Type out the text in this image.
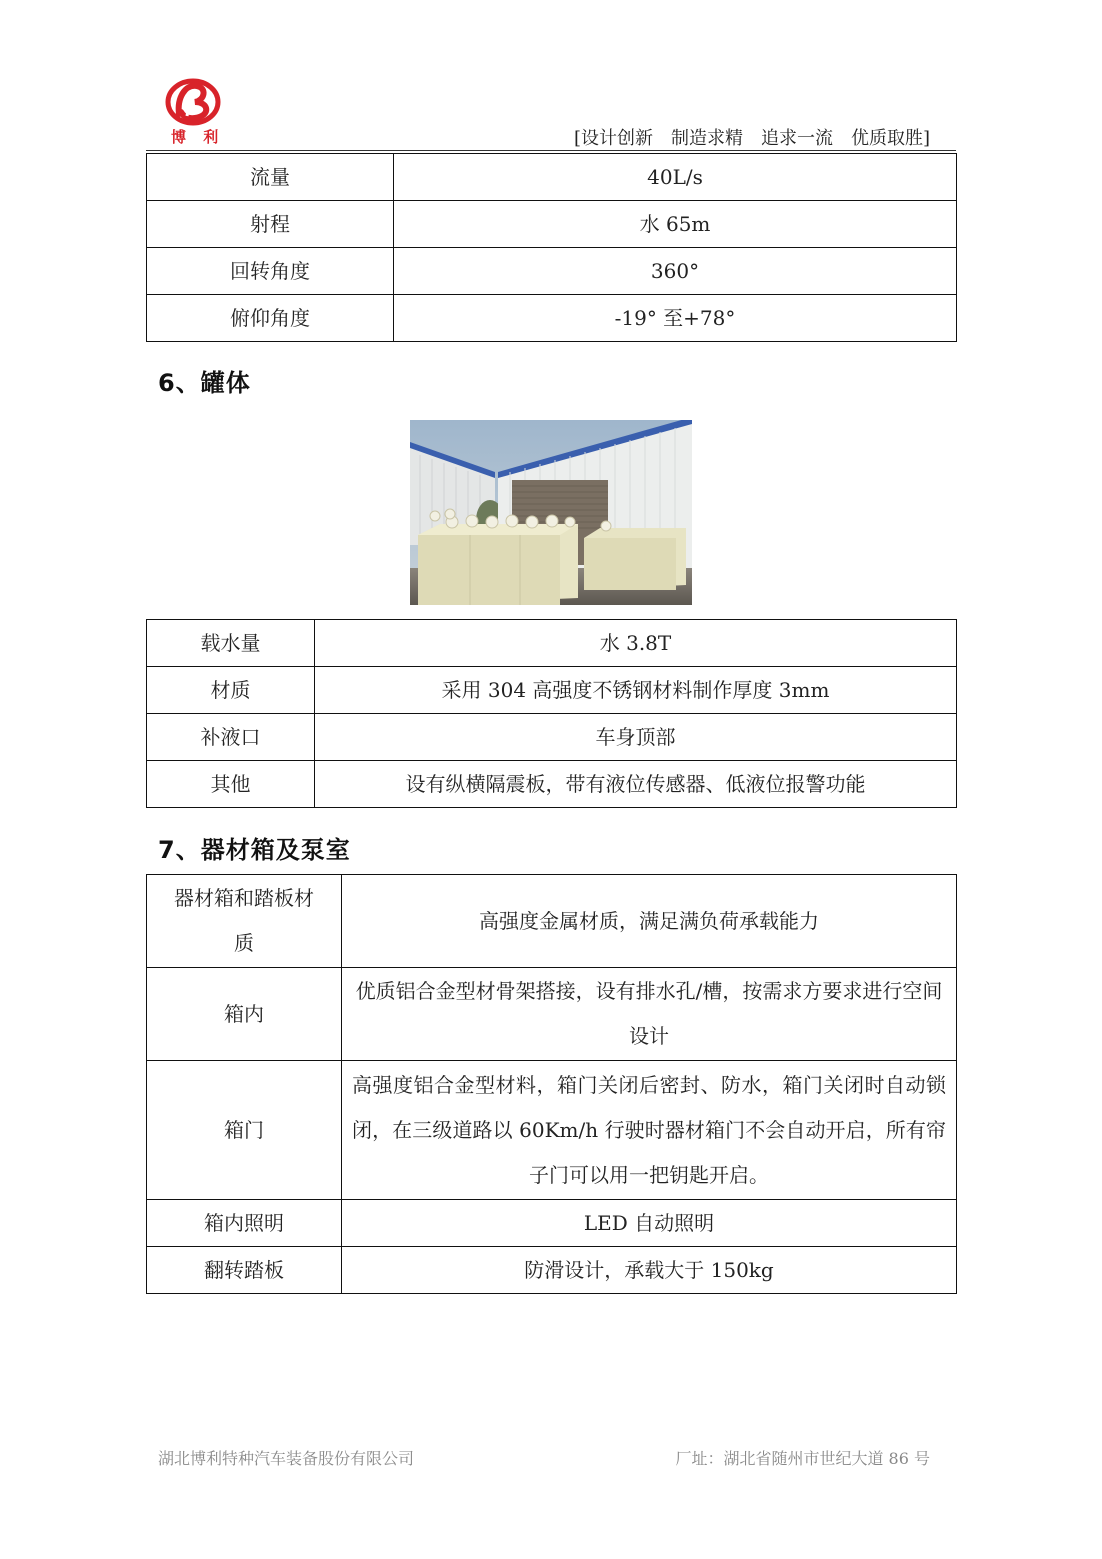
博 利	[设计创新　制造求精　追求一流　优质取胜]
流量	40L/s
射程	水 65m
回转角度	360°
俯仰角度	-19° 至+78°
6、罐体
载水量	水 3.8T
材质	采用 304 高强度不锈钢材料制作厚度 3mm
补液口	车身顶部
其他	设有纵横隔震板，带有液位传感器、低液位报警功能
7、器材箱及泵室
器材箱和踏板材质	高强度金属材质，满足满负荷承载能力
箱内	优质铝合金型材骨架搭接，设有排水孔/槽，按需求方要求进行空间设计
箱门	高强度铝合金型材料，箱门关闭后密封、防水，箱门关闭时自动锁闭，在三级道路以 60Km/h 行驶时器材箱门不会自动开启，所有帘子门可以用一把钥匙开启。
箱内照明	LED 自动照明
翻转踏板	防滑设计，承载大于 150kg
湖北博利特种汽车装备股份有限公司	厂址：湖北省随州市世纪大道 86 号
